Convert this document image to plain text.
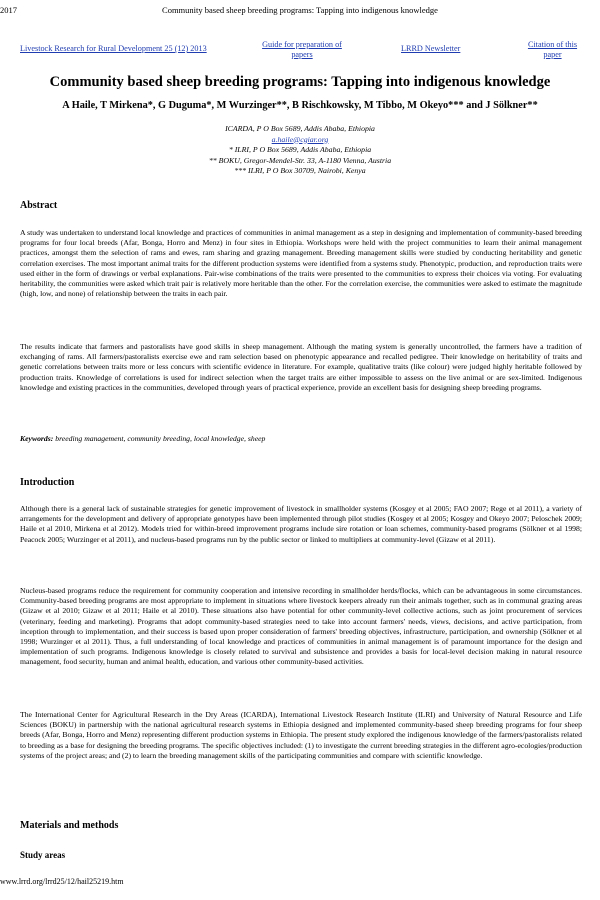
2017	Community based sheep breeding programs: Tapping into indigenous knowledge
Livestock Research for Rural Development 25 (12) 2013	Guide for preparation of papers
LRRD Newsletter	Citation of this paper
Community based sheep breeding programs: Tapping into indigenous knowledge
A Haile, T Mirkena*, G Duguma*, M Wurzinger**, B Rischkowsky, M Tibbo, M Okeyo*** and J Sölkner**
ICARDA, P O Box 5689, Addis Ababa, Ethiopia
a.haile@cgiar.org
* ILRI, P O Box 5689, Addis Ababa, Ethiopia
** BOKU, Gregor-Mendel-Str. 33, A-1180 Vienna, Austria
*** ILRI, P O Box 30709, Nairobi, Kenya
Abstract

A study was undertaken to understand local knowledge and practices of communities in animal management as a step in designing and implementation of community-based breeding programs for four local breeds (Afar, Bonga, Horro and Menz) in four sites in Ethiopia. Workshops were held with the project communities to learn their animal management practices, amongst them the selection of rams and ewes, ram sharing and grazing management. Breeding management skills were studied by conducting heritability and genetic correlation exercises. The most important animal traits for the different production systems were identified from a systems study. Phenotypic, production, and reproduction traits were used either in the form of drawings or verbal explanations. Pair-wise combinations of the traits were presented to the communities to express their choices via voting. For evaluating heritability, the communities were asked which trait pair is relatively more heritable than the other. For the correlation exercise, the communities were asked to estimate the magnitude (high, low, and none) of relationship between the traits in each pair.

The results indicate that farmers and pastoralists have good skills in sheep management. Although the mating system is generally uncontrolled, the farmers have a tradition of exchanging of rams. All farmers/pastoralists exercise ewe and ram selection based on phenotypic appearance and recalled pedigree. Their knowledge on heritability of traits and genetic correlations between traits more or less concurs with scientific evidence in literature. For example, qualitative traits (like colour) were judged highly heritable followed by production traits. Knowledge of correlations is used for indirect selection when the target traits are either impossible to assess on the live animal or are sex-limited. Indigenous knowledge and existing practices in the communities, developed through years of practical experience, provide an excellent basis for designing sheep breeding programs.

Keywords: breeding management, community breeding, local knowledge, sheep

Introduction

Although there is a general lack of sustainable strategies for genetic improvement of livestock in smallholder systems (Kosgey et al 2005; FAO 2007; Rege et al 2011), a variety of arrangements for the development and delivery of appropriate genotypes have been implemented through pilot studies (Kosgey et al 2005; Kosgey and Okeyo 2007; Peloschek 2009; Haile et al 2010, Mirkena et al 2012). Models tried for within-breed improvement programs include sire rotation or loan schemes, community-based programs (Sölkner et al 1998; Peacock 2005; Wurzinger et al 2011), and nucleus-based programs run by the public sector or linked to multipliers at community-level (Gizaw et al 2011).

Nucleus-based programs reduce the requirement for community cooperation and intensive recording in smallholder herds/flocks, which can be advantageous in some circumstances. Community-based breeding programs are most appropriate to implement in situations where livestock keepers already run their animals together, such as in communal grazing areas (Gizaw et al 2010; Gizaw et al 2011; Haile et al 2010). These situations also have potential for other community-level collective actions, such as joint procurement of services (veterinary, feeding and marketing). Programs that adopt community-based strategies need to take into account farmers' needs, views, decisions, and active participation, from inception through to implementation, and their success is based upon proper consideration of farmers' breeding objectives, infrastructure, participation, and ownership (Sölkner et al 1998; Wurzinger et al 2011). Thus, a full understanding of local knowledge and practices of communities in animal management is of paramount importance for the design and implementation of such programs. Indigenous knowledge is closely related to survival and subsistence and provides a basis for local-level decision making in natural resource management, food security, human and animal health, education, and various other community-based activities.

The International Center for Agricultural Research in the Dry Areas (ICARDA), International Livestock Research Institute (ILRI) and University of Natural Resource and Life Sciences (BOKU) in partnership with the national agricultural research systems in Ethiopia designed and implemented community-based sheep breeding programs for four sheep breeds (Afar, Bonga, Horro and Menz) representing different production systems in Ethiopia. The present study explored the indigenous knowledge of the farmers/pastoralists related to breeding as a base for designing the breeding programs. The specific objectives included: (1) to investigate the current breeding strategies in the different agro-ecologies/production systems of the project areas; and (2) to learn the breeding management skills of the participating communities and compare with scientific knowledge.

Materials and methods
Study areas
www.lrrd.org/lrrd25/12/hail25219.htm
